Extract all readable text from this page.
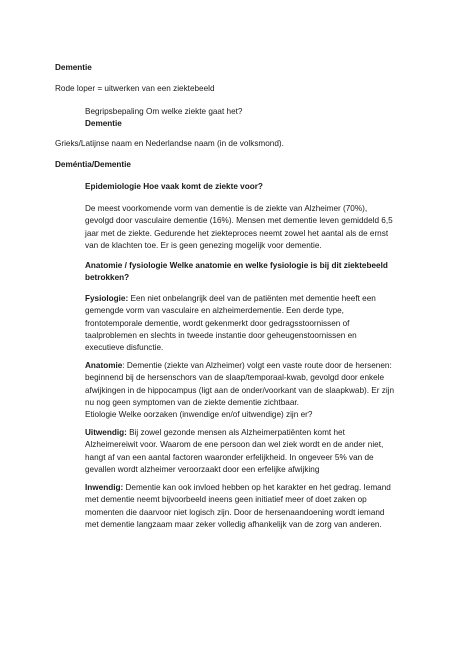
Dementie
Rode loper = uitwerken van een ziektebeeld
Begripsbepaling Om welke ziekte gaat het?
Dementie
Grieks/Latijnse naam en Nederlandse naam (in de volksmond).
Deméntia/Dementie
Epidemiologie Hoe vaak komt de ziekte voor?
De meest voorkomende vorm van dementie is de ziekte van Alzheimer (70%),
gevolgd door vasculaire dementie (16%). Mensen met dementie leven gemiddeld 6,5
jaar met de ziekte. Gedurende het ziekteproces neemt zowel het aantal als de ernst
van de klachten toe. Er is geen genezing mogelijk voor dementie.
Anatomie / fysiologie Welke anatomie en welke fysiologie is bij dit ziektebeeld
betrokken?
Fysiologie: Een niet onbelangrijk deel van de patiënten met dementie heeft een
gemengde vorm van vasculaire en alzheimerdementie. Een derde type,
frontotemporale dementie, wordt gekenmerkt door gedragsstoornissen of
taalproblemen en slechts in tweede instantie door geheugenstoornissen en
executieve disfunctie.
Anatomie: Dementie (ziekte van Alzheimer) volgt een vaste route door de hersenen:
beginnend bij de hersenschors van de slaap/temporaal-kwab, gevolgd door enkele
afwijkingen in de hippocampus (ligt aan de onder/voorkant van de slaapkwab). Er zijn
nu nog geen symptomen van de ziekte dementie zichtbaar.
Etiologie Welke oorzaken (inwendige en/of uitwendige) zijn er?
Uitwendig: Bij zowel gezonde mensen als Alzheimerpatiënten komt het
Alzheimereiwit voor. Waarom de ene persoon dan wel ziek wordt en de ander niet,
hangt af van een aantal factoren waaronder erfelijkheid. In ongeveer 5% van de
gevallen wordt alzheimer veroorzaakt door een erfelijke afwijking
Inwendig: Dementie kan ook invloed hebben op het karakter en het gedrag. Iemand
met dementie neemt bijvoorbeeld ineens geen initiatief meer of doet zaken op
momenten die daarvoor niet logisch zijn. Door de hersenaandoening wordt iemand
met dementie langzaam maar zeker volledig afhankelijk van de zorg van anderen.
